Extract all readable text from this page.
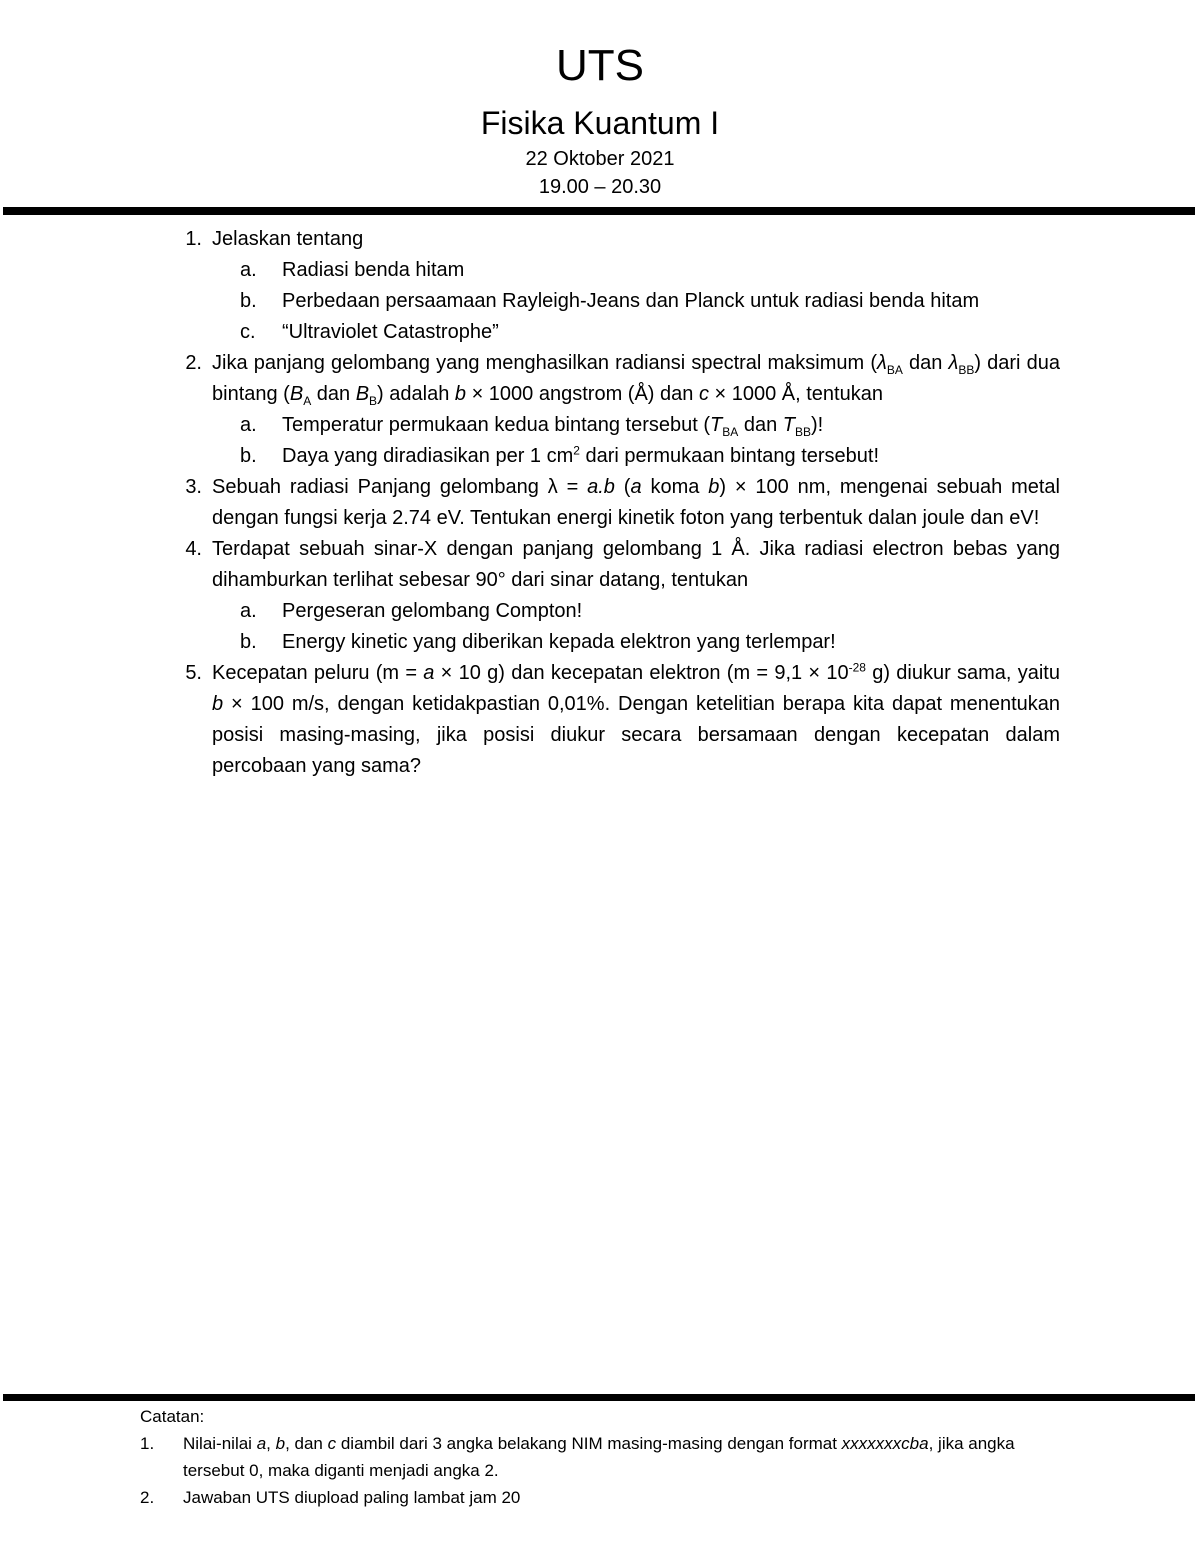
UTS
Fisika Kuantum I
22 Oktober 2021
19.00 – 20.30
1. Jelaskan tentang
a. Radiasi benda hitam
b. Perbedaan persaamaan Rayleigh-Jeans dan Planck untuk radiasi benda hitam
c. “Ultraviolet Catastrophe”
2. Jika panjang gelombang yang menghasilkan radiansi spectral maksimum ($\lambda_{BA}$ dan $\lambda_{BB}$) dari dua bintang ($B_A$ dan $B_B$) adalah b × 1000 angstrom (Å) dan c × 1000 Å, tentukan
a. Temperatur permukaan kedua bintang tersebut ($T_{BA}$ dan $T_{BB}$)!
b. Daya yang diradiasikan per 1 $cm^2$ dari permukaan bintang tersebut!
3. Sebuah radiasi Panjang gelombang λ = a.b (a koma b) × 100 nm, mengenai sebuah metal dengan fungsi kerja 2.74 eV. Tentukan energi kinetik foton yang terbentuk dalan joule dan eV!
4. Terdapat sebuah sinar-X dengan panjang gelombang 1 Å. Jika radiasi electron bebas yang dihamburkan terlihat sebesar 90° dari sinar datang, tentukan
a. Pergeseran gelombang Compton!
b. Energy kinetic yang diberikan kepada elektron yang terlempar!
5. Kecepatan peluru (m = a × 10 g) dan kecepatan elektron ($m = 9,1 \times 10^{-28}$ g) diukur sama, yaitu b × 100 m/s, dengan ketidakpastian 0,01%. Dengan ketelitian berapa kita dapat menentukan posisi masing-masing, jika posisi diukur secara bersamaan dengan kecepatan dalam percobaan yang sama?
Catatan:
1. Nilai-nilai a, b, dan c diambil dari 3 angka belakang NIM masing-masing dengan format xxxxxxxcba, jika angka tersebut 0, maka diganti menjadi angka 2.
2. Jawaban UTS diupload paling lambat jam 20
